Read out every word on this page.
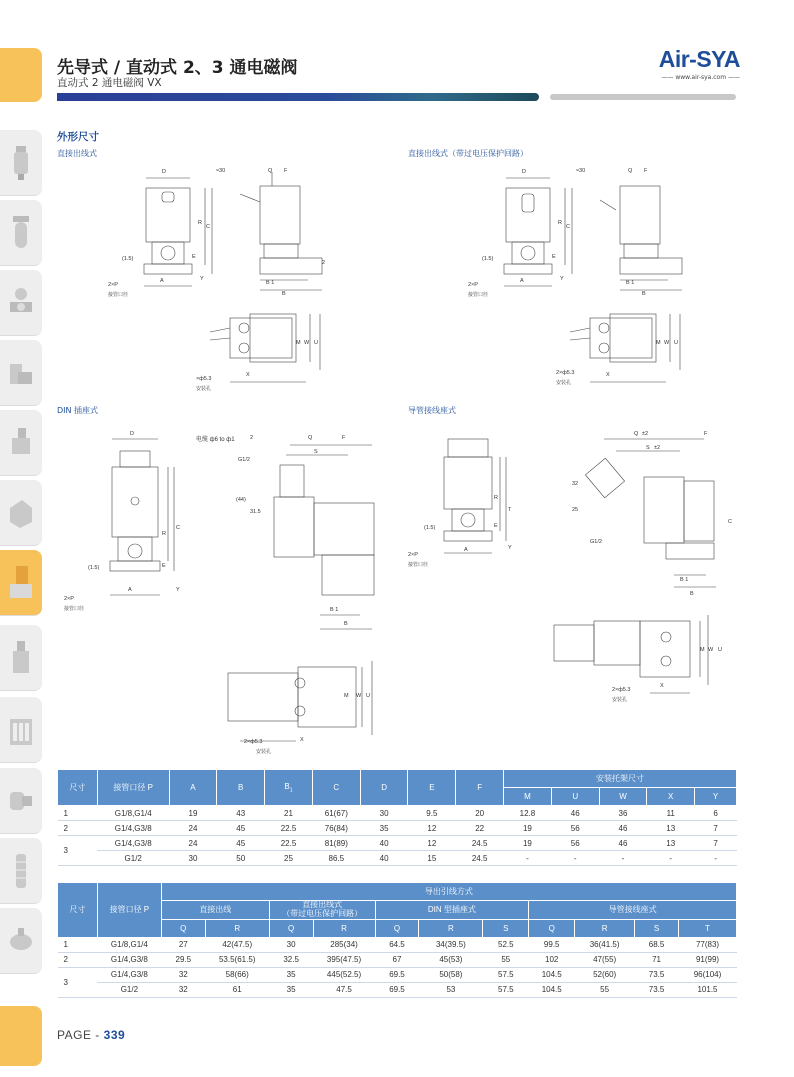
先导式 / 直动式 2、3 通电磁阀
直动式 2 通电磁阀 VX
Air-SYA
—— www.air-sya.com ——
外形尺寸
直接出线式
D	≈30	Q F
R
C
E
Y
(1.5)
A	B 1
B
2×P
接管口径
2
M W U
X
×ф5.3
安装孔
直接出线式（带过电压保护回路）
D	≈30	Q F
R
C
E
Y
(1.5)
A	B 1
B
2×P
接管口径
M W U
X
2×ф5.3
安装孔
DIN 插座式
D
电缆 ф6 to ф1	2	Q	F
S
G1/2
(44)
31.5
R
C
E
Y
(1.5)
A
B 1
B
2×P
接管口径
M W U
X
2×ф5.3
安装孔
导管接线座式
Q ±2	F
S ±2
32
25
G1/2
R
T
C
E
Y
(1.5)
A
B 1
B
2×P
接管口径
M W U
X
2×ф5.3
安装孔
尺寸	接管口径 P	A	B	$B_1$	C	D	E	F	安装托架尺寸				
									M	U	W	X	Y
1	G1/8,G1/4	19	43	21	61(67)	30	9.5	20	12.8	46	36	11	6
2	G1/4,G3/8	24	45	22.5	76(84)	35	12	22	19	56	46	13	7
3	G1/4,G3/8	24	45	22.5	81(89)	40	12	24.5	19	56	46	13	7
	G1/2	30	50	25	86.5	40	15	24.5	-	-	-	-	-
尺寸	接管口径 P	导出引线方式										
		直接出线		直接出线式
（带过电压保护回路）		DIN 型插座式			导管接线座式			
		Q	R	Q	R	Q	R	S	Q	R	S	T
1	G1/8,G1/4	27	42(47.5)	30	285(34)	64.5	34(39.5)	52.5	99.5	36(41.5)	68.5	77(83)
2	G1/4,G3/8	29.5	53.5(61.5)	32.5	395(47.5)	67	45(53)	55	102	47(55)	71	91(99)
3	G1/4,G3/8	32	58(66)	35	445(52.5)	69.5	50(58)	57.5	104.5	52(60)	73.5	96(104)
	G1/2	32	61	35	47.5	69.5	53	57.5	104.5	55	73.5	101.5
PAGE - 339
